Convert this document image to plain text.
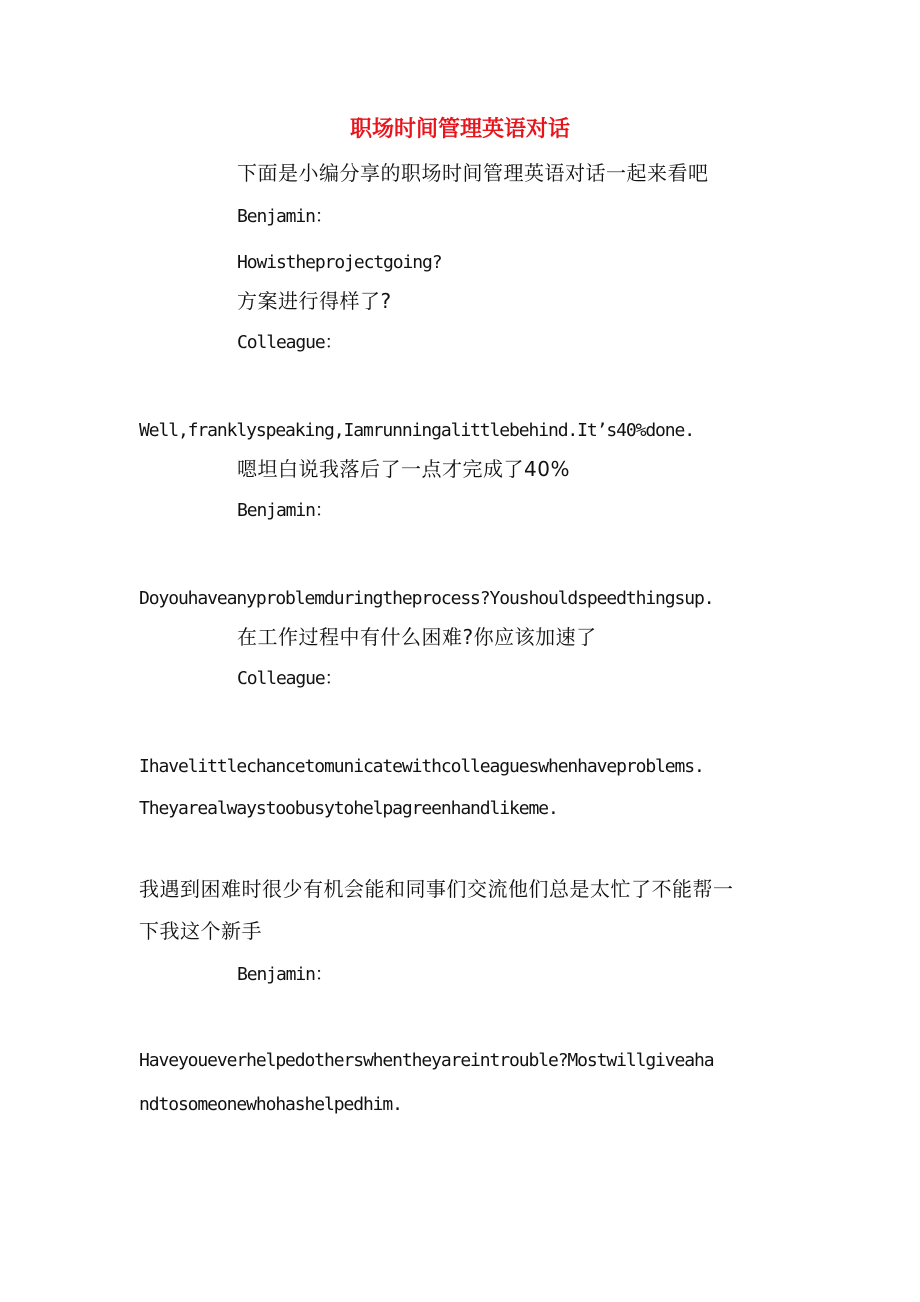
职场时间管理英语对话

下面是小编分享的职场时间管理英语对话一起来看吧

Benjamin：

Howistheprojectgoing?

方案进行得样了?

Colleague：

Well,franklyspeaking,Iamrunningalittlebehind.It’s40%done.

嗯坦白说我落后了一点才完成了40%

Benjamin：

Doyouhaveanyproblemduringtheprocess?Youshouldspeedthingsup.

在工作过程中有什么困难?你应该加速了

Colleague：

Ihavelittlechancetomunicatewithcolleagueswhenhaveproblems.

Theyarealwaystoobusytohelpagreenhandlikeme.

我遇到困难时很少有机会能和同事们交流他们总是太忙了不能帮一

下我这个新手

Benjamin：

Haveyoueverhelpedotherswhentheyareintrouble?Mostwillgiveaha

ndtosomeonewhohashelpedhim.
